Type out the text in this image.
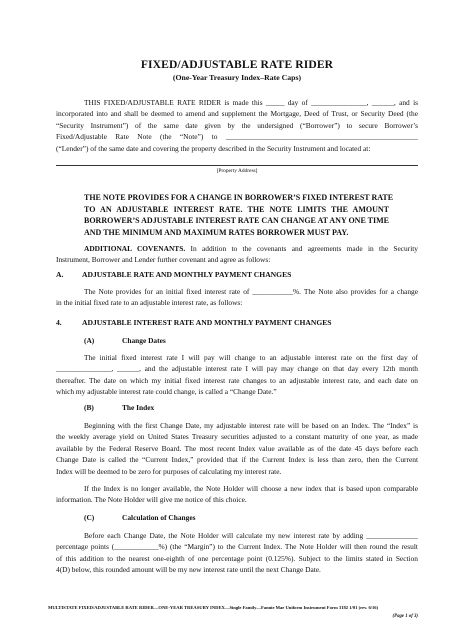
FIXED/ADJUSTABLE RATE RIDER
(One-Year Treasury Index–Rate Caps)
THIS FIXED/ADJUSTABLE RATE RIDER is made this _____ day of _______________, ______, and is
incorporated into and shall be deemed to amend and supplement the Mortgage, Deed of Trust, or Security Deed (the
“Security Instrument”) of the same date given by the undersigned (“Borrower”) to secure Borrower’s
Fixed/Adjustable Rate Note (the “Note”) to ____________________________________________________
(“Lender”) of the same date and covering the property described in the Security Instrument and located at:
[Property Address]
THE NOTE PROVIDES FOR A CHANGE IN BORROWER’S FIXED INTEREST RATE
TO AN ADJUSTABLE INTEREST RATE. THE NOTE LIMITS THE AMOUNT
BORROWER’S ADJUSTABLE INTEREST RATE CAN CHANGE AT ANY ONE TIME
AND THE MINIMUM AND MAXIMUM RATES BORROWER MUST PAY.
ADDITIONAL COVENANTS. In addition to the covenants and agreements made in the Security
Instrument, Borrower and Lender further covenant and agree as follows:
A. ADJUSTABLE RATE AND MONTHLY PAYMENT CHANGES
The Note provides for an initial fixed interest rate of ___________%. The Note also provides for a change
in the initial fixed rate to an adjustable interest rate, as follows:
4.	ADJUSTABLE INTEREST RATE AND MONTHLY PAYMENT CHANGES
(A)	Change Dates
The initial fixed interest rate I will pay will change to an adjustable interest rate on the first day of
_______________, ______, and the adjustable interest rate I will pay may change on that day every 12th month
thereafter. The date on which my initial fixed interest rate changes to an adjustable interest rate, and each date on
which my adjustable interest rate could change, is called a “Change Date.”
(B)	The Index
Beginning with the first Change Date, my adjustable interest rate will be based on an Index. The “Index” is
the weekly average yield on United States Treasury securities adjusted to a constant maturity of one year, as made
available by the Federal Reserve Board. The most recent Index value available as of the date 45 days before each
Change Date is called the “Current Index,” provided that if the Current Index is less than zero, then the Current
Index will be deemed to be zero for purposes of calculating my interest rate.
If the Index is no longer available, the Note Holder will choose a new index that is based upon comparable
information. The Note Holder will give me notice of this choice.
(C)	Calculation of Changes
Before each Change Date, the Note Holder will calculate my new interest rate by adding ______________
percentage points (____________%) (the “Margin”) to the Current Index. The Note Holder will then round the result
of this addition to the nearest one-eighth of one percentage point (0.125%). Subject to the limits stated in Section
4(D) below, this rounded amount will be my new interest rate until the next Change Date.
MULTISTATE FIXED/ADJUSTABLE RATE RIDER—ONE-YEAR TREASURY INDEX—Single Family—Fannie Mae Uniform Instrument Form 3182 1/01 (rev. 6/16)
(Page 1 of 3)
